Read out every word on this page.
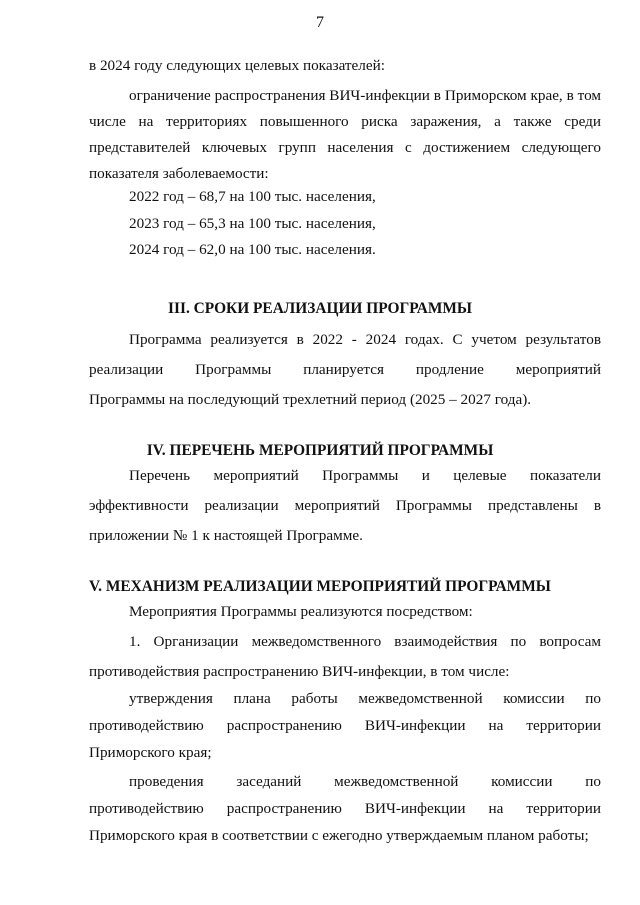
7
в 2024 году следующих целевых показателей:
ограничение распространения ВИЧ-инфекции в Приморском крае, в том
числе на территориях повышенного риска заражения, а также среди
представителей ключевых групп населения с достижением следующего
показателя заболеваемости:
2022 год – 68,7 на 100 тыс. населения,
2023 год – 65,3 на 100 тыс. населения,
2024 год – 62,0 на 100 тыс. населения.
III. СРОКИ РЕАЛИЗАЦИИ ПРОГРАММЫ
Программа реализуется в 2022 - 2024 годах. С учетом результатов
реализации Программы планируется продление мероприятий
Программы на последующий трехлетний период (2025 – 2027 года).
IV. ПЕРЕЧЕНЬ МЕРОПРИЯТИЙ ПРОГРАММЫ
Перечень мероприятий Программы и целевые показатели
эффективности реализации мероприятий Программы представлены в
приложении № 1 к настоящей Программе.
V. МЕХАНИЗМ РЕАЛИЗАЦИИ МЕРОПРИЯТИЙ ПРОГРАММЫ
Мероприятия Программы реализуются посредством:
1. Организации межведомственного взаимодействия по вопросам
противодействия распространению ВИЧ-инфекции, в том числе:
утверждения плана работы межведомственной комиссии по
противодействию распространению ВИЧ-инфекции на территории
Приморского края;
проведения заседаний межведомственной комиссии по
противодействию распространению ВИЧ-инфекции на территории
Приморского края в соответствии с ежегодно утверждаемым планом работы;
